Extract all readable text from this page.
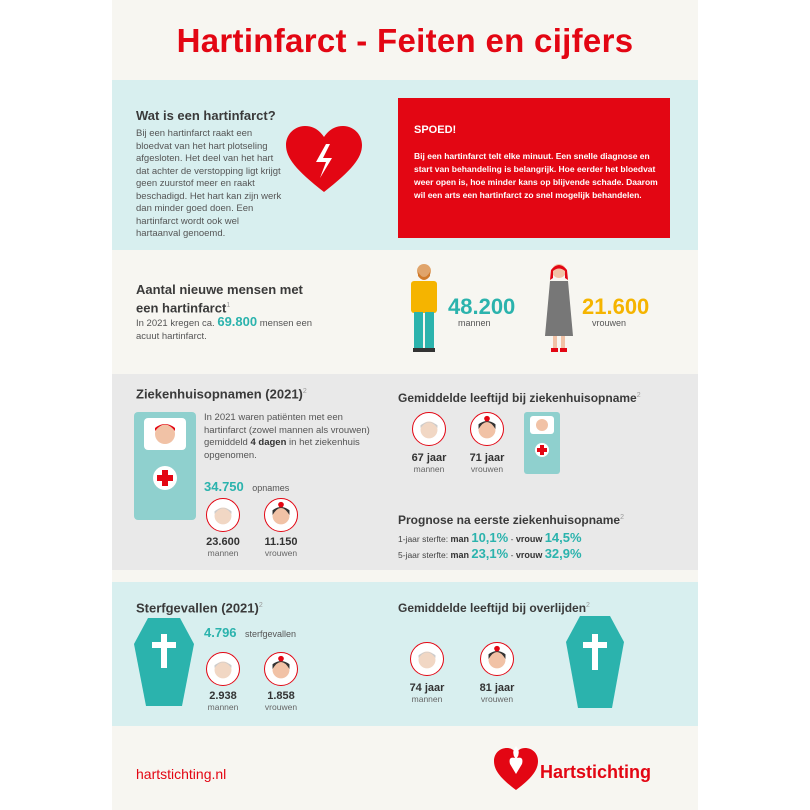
Hartinfarct - Feiten en cijfers
Wat is een hartinfarct?
Bij een hartinfarct raakt een bloedvat van het hart plotseling afgesloten. Het deel van het hart dat achter de verstopping ligt krijgt geen zuurstof meer en raakt beschadigd. Het hart kan zijn werk dan minder goed doen. Een hartinfarct wordt ook wel hartaanval genoemd.
SPOED!
Bij een hartinfarct telt elke minuut. Een snelle diagnose en start van behandeling is belangrijk. Hoe eerder het bloedvat weer open is, hoe minder kans op blijvende schade. Daarom wil een arts een hartinfarct zo snel mogelijk behandelen.
Aantal nieuwe mensen met een hartinfarct$^1$
In 2021 kregen ca. 69.800 mensen een acuut hartinfarct.
48.200
mannen
21.600
vrouwen
Ziekenhuisopnamen $(2021)^2$
In 2021 waren patiënten met een hartinfarct (zowel mannen als vrouwen) gemiddeld 4 dagen in het ziekenhuis opgenomen.
34.750 opnames
23.600
mannen
11.150
vrouwen
Gemiddelde leeftijd bij ziekenhuisopname$^2$
67 jaar
mannen
71 jaar
vrouwen
Prognose na eerste ziekenhuisopname$^2$
1-jaar sterfte: man 10,1% - vrouw 14,5%
5-jaar sterfte: man 23,1% - vrouw 32,9%
Sterfgevallen $(2021)^2$
4.796 sterfgevallen
2.938
mannen
1.858
vrouwen
Gemiddelde leeftijd bij overlijden$^2$
74 jaar
mannen
81 jaar
vrouwen
hartstichting.nl	Hartstichting
